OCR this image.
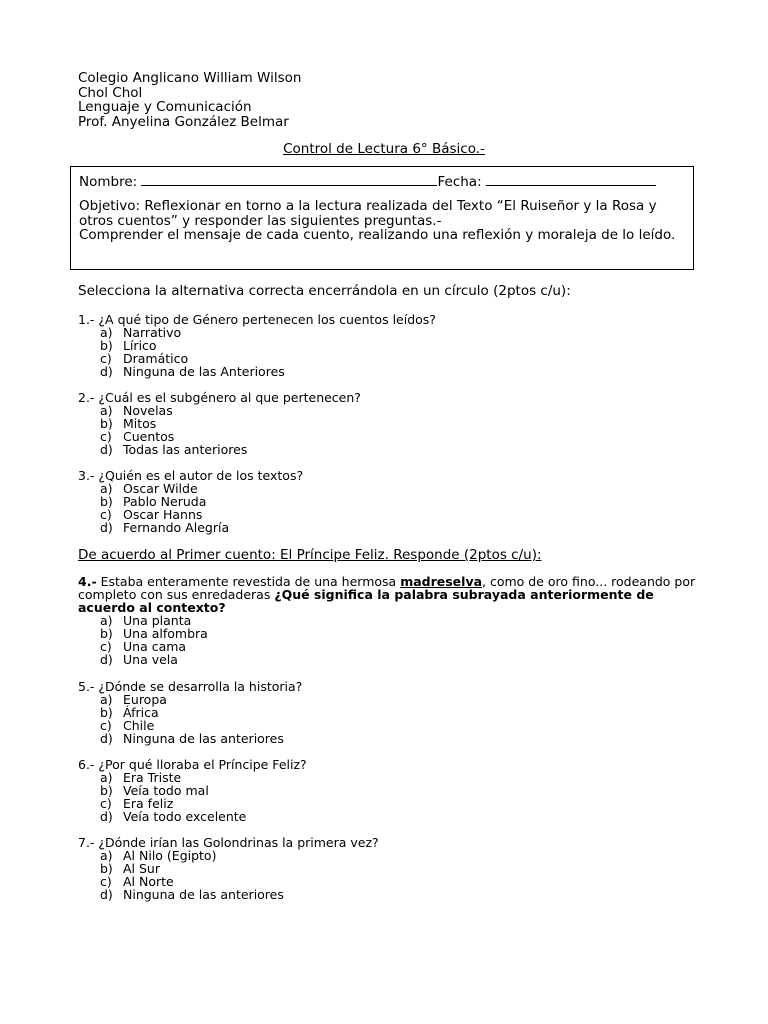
Colegio Anglicano William Wilson
Chol Chol
Lenguaje y Comunicación
Prof. Anyelina González Belmar
Control de Lectura 6° Básico.-
Nombre:	Fecha:
Objetivo: Reflexionar en torno a la lectura realizada del Texto “El Ruiseñor y la Rosa y otros cuentos” y responder las siguientes preguntas.-
Comprender el mensaje de cada cuento, realizando una reflexión y moraleja de lo leído.
Selecciona la alternativa correcta encerrándola en un círculo (2ptos c/u):
1.- ¿A qué tipo de Género pertenecen los cuentos leídos?
a) Narrativo
b) Lírico
c) Dramático
d) Ninguna de las Anteriores
2.- ¿Cuál es el subgénero al que pertenecen?
a) Novelas
b) Mitos
c) Cuentos
d) Todas las anteriores
3.- ¿Quién es el autor de los textos?
a) Oscar Wilde
b) Pablo Neruda
c) Oscar Hanns
d) Fernando Alegría
De acuerdo al Primer cuento: El Príncipe Feliz. Responde (2ptos c/u):
4.- Estaba enteramente revestida de una hermosa madreselva, como de oro fino... rodeando por completo con sus enredaderas ¿Qué significa la palabra subrayada anteriormente de acuerdo al contexto?
a) Una planta
b) Una alfombra
c) Una cama
d) Una vela
5.- ¿Dónde se desarrolla la historia?
a) Europa
b) África
c) Chile
d) Ninguna de las anteriores
6.- ¿Por qué lloraba el Príncipe Feliz?
a) Era Triste
b) Veía todo mal
c) Era feliz
d) Veía todo excelente
7.- ¿Dónde irían las Golondrinas la primera vez?
a) Al Nilo (Egipto)
b) Al Sur
c) Al Norte
d) Ninguna de las anteriores
